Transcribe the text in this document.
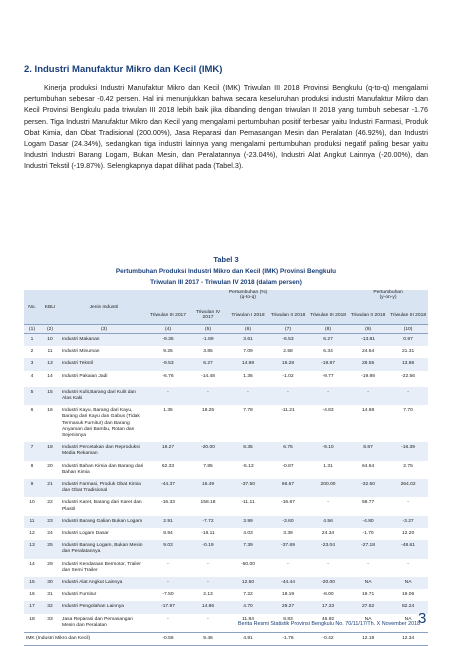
2. Industri Manufaktur Mikro dan Kecil (IMK)

Kinerja produksi Industri Manufaktur Mikro dan Kecil (IMK) Triwulan III 2018 Provinsi Bengkulu (q-to-q) mengalami pertumbuhan sebesar -0.42 persen. Hal ini menunjukkan bahwa secara keseluruhan produksi industri Manufaktur Mikro dan Kecil Provinsi Bengkulu pada triwulan III 2018 lebih baik jika dibanding dengan triwulan II 2018 yang tumbuh sebesar -1.76 persen. Tiga Industri Manufaktur Mikro dan Kecil yang mengalami pertumbuhan positif terbesar yaitu Industri Farmasi, Produk Obat Kimia, dan Obat Tradisional (200.00%), Jasa Reparasi dan Pemasangan Mesin dan Peralatan (46.92%), dan Industri Logam Dasar (24.34%), sedangkan tiga industri lainnya yang mengalami pertumbuhan produksi negatif paling besar yaitu Industri Industri Barang Logam, Bukan Mesin, dan Peralatannya (-23.04%), Industri Alat Angkut Lainnya (-20.00%), dan Industri Tekstil (-19.87%). Selengkapnya dapat dilihat pada (Tabel.3).

Tabel 3
Pertumbuhan Produksi Industri Mikro dan Kecil (IMK) Provinsi Bengkulu
Triwulan III 2017 - Triwulan IV 2018 (dalam persen)
No.	KBLI	Jenis Industri	Pertumbuhan (%)
(q-to-q)					Pertumbuhan
(y-on-y)	
			Triwulan III 2017	Triwulan IV 2017	Triwulan I 2018	Triwulan II 2018	Triwulan III 2018	Triwulan II 2018	Triwulan III 2018
(1)	(2)	(3)	(4)	(5)	(6)	(7)	(8)	(9)	(10)
1	10	Industri Makanan	-9.35	-1.89	3.61	-6.53	6.27	-13.81	0.97
2	11	Industri Minuman	9.25	3.85	7.09	2.58	6.34	24.64	21.31
3	13	Industri Tekstil	-9.53	6.27	14.98	16.28	-19.87	28.55	13.86
4	14	Industri Pakaian Jadi	-6.76	-14.48	1.36	-1.02	-9.77	-19.98	-22.56

5	15	Industri Kulit,Barang dari Kulit dan Alas Kaki	-	-	-	-	-	-	-
6	16	Industri Kayu, Barang dari Kayu, Barang dari Kayu dan Gabus (Tidak Termasuk Furnitur) dan Barang Anyaman dari Bambu, Rotan dan Sejenisnya	1.35	18.25	7.78	-11.21	-4.83	14.68	7.70
7	18	Industri Percetakan dan Reproduksi Media Rekaman	18.27	-20.00	8.35	6.75	-9.10	8.87	-16.39
8	20	Industri Bahan Kimia dan Barang dari Bahan Kimia	62.33	7.85	-5.13	-0.87	1.31	64.64	2.75
9	21	Industri Farmasi, Produk Obat Kimia dan Obat Tradisional	-44.37	16.49	-37.50	66.67	200.00	-32.50	264.02
10	22	Industri Karet, Barang dari Karet dan Plastil	-16.33	158.18	-11.11	-16.67	-	58.77	-
11	23	Industri Barang Galian Bukan Logam	2.91	-7.72	3.99	-3.60	4.56	-4.80	-3.27
12	24	Industri Logam Dasar	8.94	-16.11	4.03	3.39	24.34	-1.70	12.20
13	25	Industri Barang Logam, Bukan Mesin dan Peralatannya	9.03	-0.19	7.39	-37.69	-23.04	-27.18	-48.61
14	29	Industri Kendaraan Bermotor, Trailer dan Semi Trailer	-	-	-50.00	-	-	-	-
15	30	Industri Alat Angkut Lainnya	-	-	12.50	-44.44	-20.00	NA	NA
16	31	Industri Furnitur	-7.50	2.13	7.22	18.19	-8.00	19.71	19.06
17	32	Industri Pengolahan Lainnya	-17.97	14.86	4.70	29.27	17.23	27.52	82.24
18	33	Jasa Reparasi dan Pemasangan Mesin dan Peralatan	-	-	11.84	8.83	46.92	NA	NA
IMK (Industri Mikro dan Kecil)			-0.55	9.46	4.91	-1.76	-0.42	12.19	12.34
Berita Resmi Statistik Provinsi Bengkulu No. 70/11/17/Th. X November 2018
3
